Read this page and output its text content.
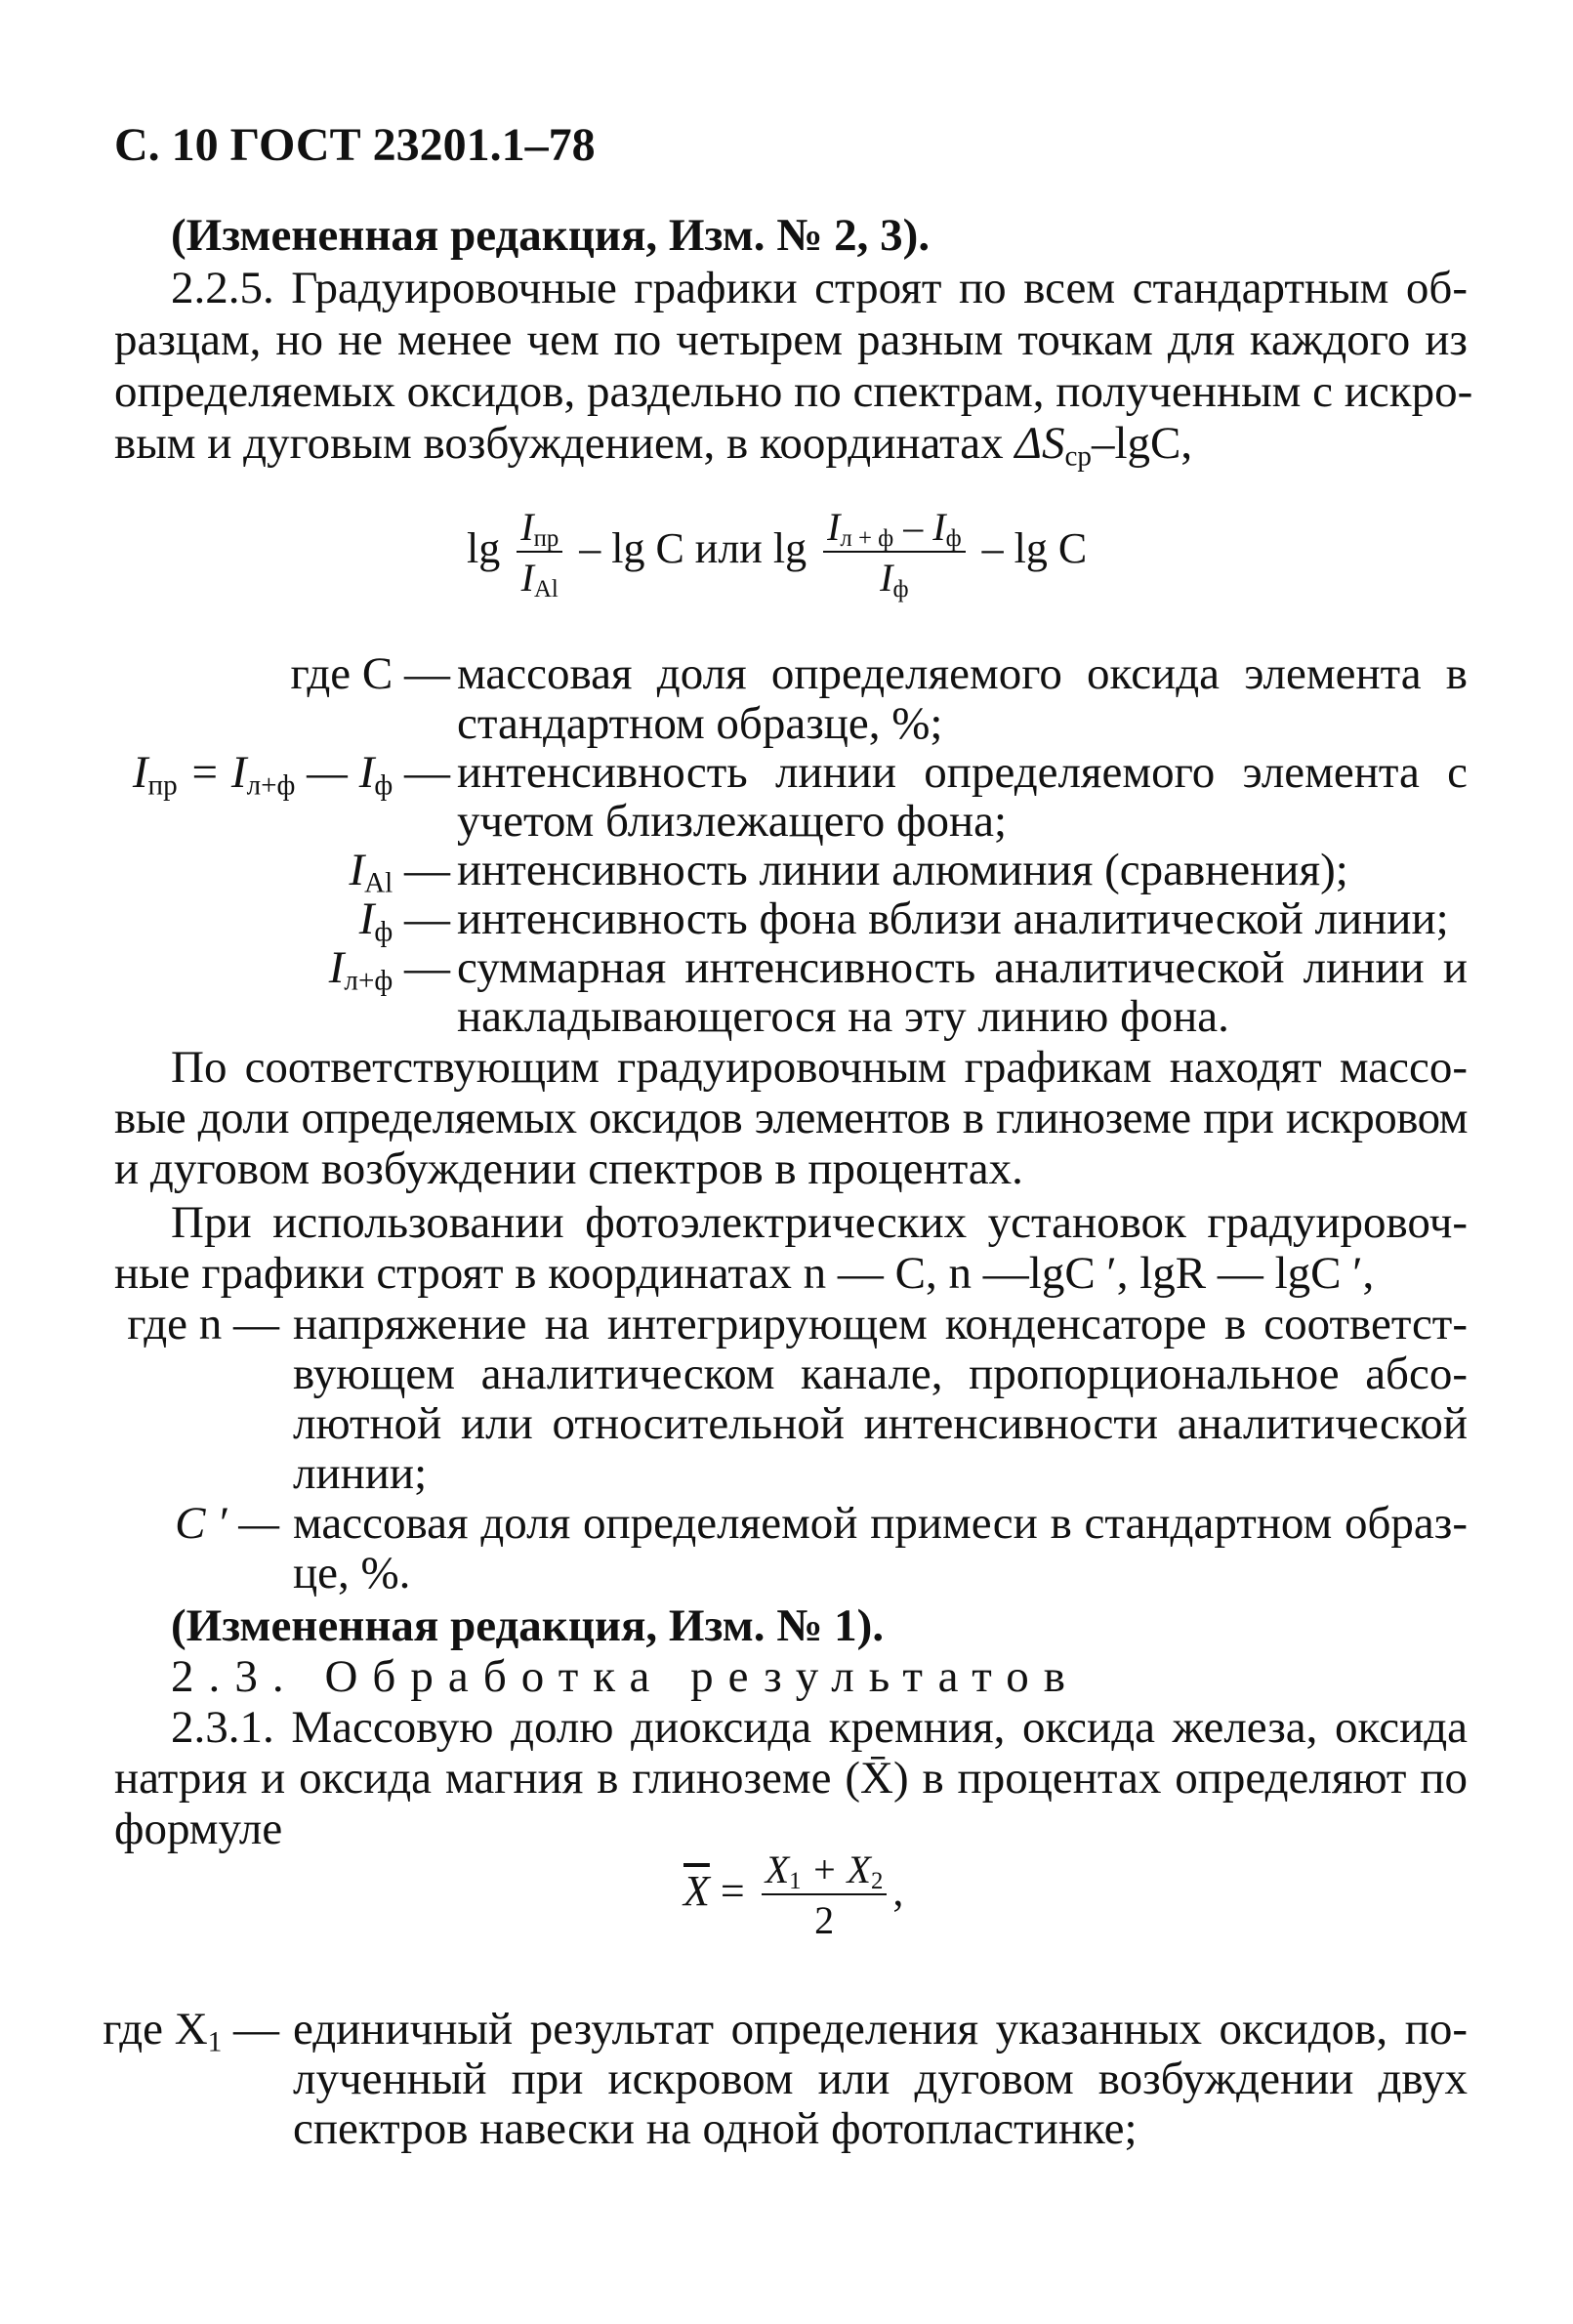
С. 10 ГОСТ 23201.1–78
(Измененная редакция, Изм. № 2, 3).
2.2.5. Градуировочные графики строят по всем стандартным об-
разцам, но не менее чем по четырем разным точкам для каждого из
определяемых оксидов, раздельно по спектрам, полученным с искро-
вым и дуговым возбуждением, в координатах $\Delta S_{ср}$–lgC,
$\lg \frac{I_{пр}}{I_{Al}}$ – lg C или $\lg \frac{I_{л + ф} - I_ф}{I_ф}$ – lg C
где C — массовая доля определяемого оксида элемента в
стандартном образце, %;
$I_{пр} = I_{л+ф}$ — $I_ф$ — интенсивность линии определяемого элемента с
учетом близлежащего фона;
$I_{Al}$ — интенсивность линии алюминия (сравнения);
$I_ф$ — интенсивность фона вблизи аналитической линии;
$I_{л+ф}$ — суммарная интенсивность аналитической линии и
накладывающегося на эту линию фона.
По соответствующим градуировочным графикам находят массо-
вые доли определяемых оксидов элементов в глиноземе при искровом
и дуговом возбуждении спектров в процентах.
При использовании фотоэлектрических установок градуировоч-
ные графики строят в координатах n — C, n —lgC ′, lgR — lgC ′,
где n — напряжение на интегрирующем конденсаторе в соответст-
вующем аналитическом канале, пропорциональное абсо-
лютной или относительной интенсивности аналитической
линии;
C ′ — массовая доля определяемой примеси в стандартном образ-
це, %.
(Измененная редакция, Изм. № 1).
2.3. Обработка результатов
2.3.1. Массовую долю диоксида кремния, оксида железа, оксида
натрия и оксида магния в глиноземе (X̄) в процентах определяют по
формуле
$\overline{X} = \frac{X_1 + X_2}{2}$ ,
где $X_1$ — единичный результат определения указанных оксидов, по-
лученный при искровом или дуговом возбуждении двух
спектров навески на одной фотопластинке;
